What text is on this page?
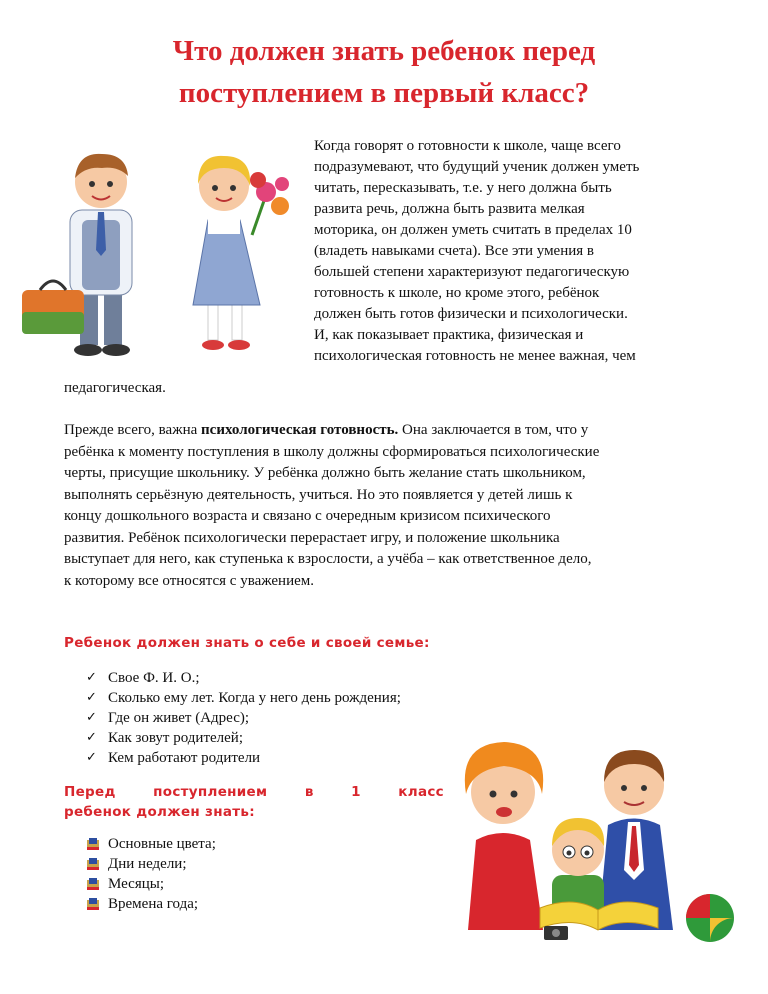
Что должен знать ребенок перед
поступлением в первый класс?
Когда говорят о готовности к школе, чаще всего
подразумевают, что будущий ученик должен уметь
читать, пересказывать, т.е. у него должна быть
развита речь, должна быть развита мелкая
моторика, он должен уметь считать в пределах 10
(владеть навыками счета). Все эти умения в
большей степени характеризуют педагогическую
готовность к школе, но кроме этого, ребёнок
должен быть готов физически и психологически.
И, как показывает практика, физическая и
психологическая готовность не менее важная, чем
педагогическая.
Прежде всего, важна психологическая готовность. Она заключается в том, что у
ребёнка к моменту поступления в школу должны сформироваться психологические
черты, присущие школьнику. У ребёнка должно быть желание стать школьником,
выполнять серьёзную деятельность, учиться. Но это появляется у детей лишь к
концу дошкольного возраста и связано с очередным кризисом психического
развития. Ребёнок психологически перерастает игру, и положение школьника
выступает для него, как ступенька к взрослости, а учёба – как ответственное дело,
к которому все относятся с уважением.
Ребенок должен знать о себе и своей семье:
✓ Свое Ф. И. О.;
✓ Сколько ему лет. Когда у него день рождения;
✓ Где он живет (Адрес);
✓ Как зовут родителей;
✓ Кем работают родители
Перед	поступлением	в	1	класс
ребенок должен знать:
Основные цвета;
Дни недели;
Месяцы;
Времена года;
